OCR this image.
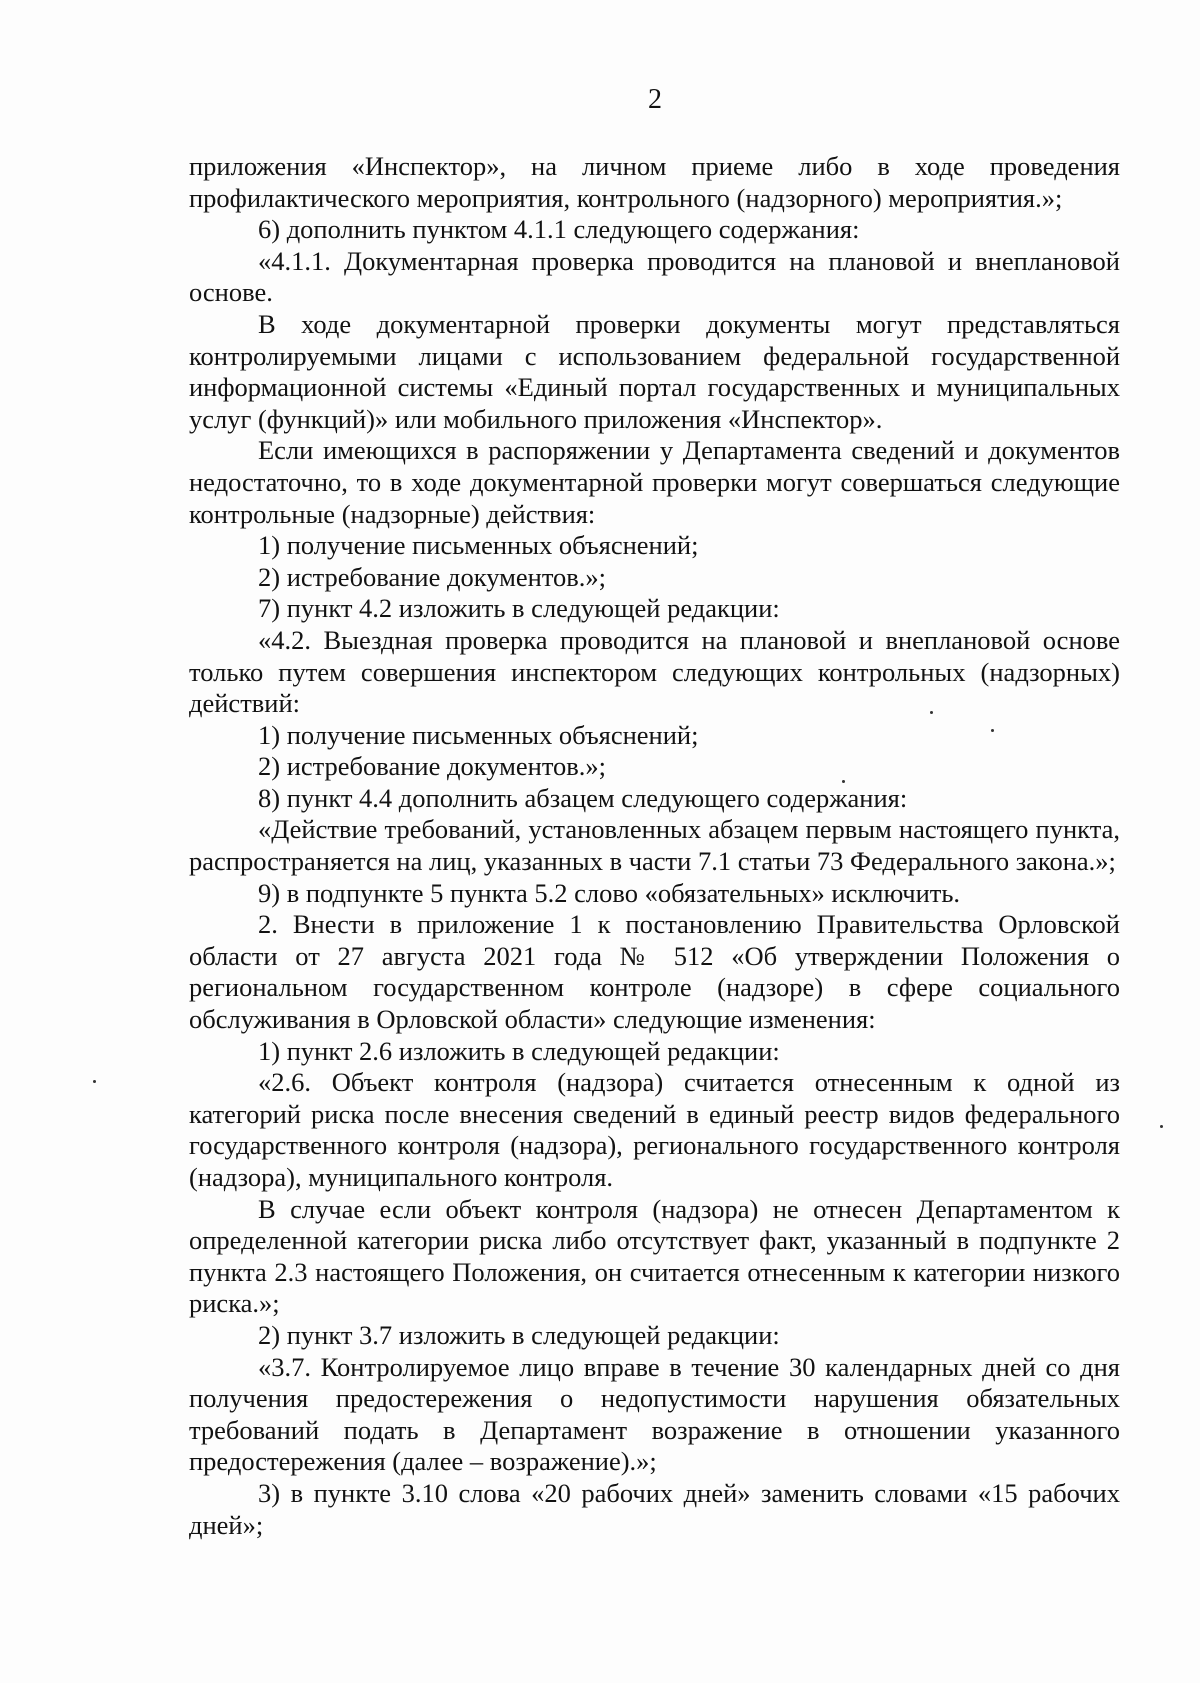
2

приложения «Инспектор», на личном приеме либо в ходе проведения профилактического мероприятия, контрольного (надзорного) мероприятия.»;

6) дополнить пунктом 4.1.1 следующего содержания:

«4.1.1. Документарная проверка проводится на плановой и внеплановой основе.

В ходе документарной проверки документы могут представляться контролируемыми лицами с использованием федеральной государственной информационной системы «Единый портал государственных и муниципальных услуг (функций)» или мобильного приложения «Инспектор».

Если имеющихся в распоряжении у Департамента сведений и документов недостаточно, то в ходе документарной проверки могут совершаться следующие контрольные (надзорные) действия:

1) получение письменных объяснений;

2) истребование документов.»;

7) пункт 4.2 изложить в следующей редакции:

«4.2. Выездная проверка проводится на плановой и внеплановой основе только путем совершения инспектором следующих контрольных (надзорных) действий:

1) получение письменных объяснений;

2) истребование документов.»;

8) пункт 4.4 дополнить абзацем следующего содержания:

«Действие требований, установленных абзацем первым настоящего пункта, распространяется на лиц, указанных в части 7.1 статьи 73 Федерального закона.»;

9) в подпункте 5 пункта 5.2 слово «обязательных» исключить.

2. Внести в приложение 1 к постановлению Правительства Орловской области от 27 августа 2021 года № 512 «Об утверждении Положения о региональном государственном контроле (надзоре) в сфере социального обслуживания в Орловской области» следующие изменения:

1) пункт 2.6 изложить в следующей редакции:

«2.6. Объект контроля (надзора) считается отнесенным к одной из категорий риска после внесения сведений в единый реестр видов федерального государственного контроля (надзора), регионального государственного контроля (надзора), муниципального контроля.

В случае если объект контроля (надзора) не отнесен Департаментом к определенной категории риска либо отсутствует факт, указанный в подпункте 2 пункта 2.3 настоящего Положения, он считается отнесенным к категории низкого риска.»;

2) пункт 3.7 изложить в следующей редакции:

«3.7. Контролируемое лицо вправе в течение 30 календарных дней со дня получения предостережения о недопустимости нарушения обязательных требований подать в Департамент возражение в отношении указанного предостережения (далее – возражение).»;

3) в пункте 3.10 слова «20 рабочих дней» заменить словами «15 рабочих дней»;
